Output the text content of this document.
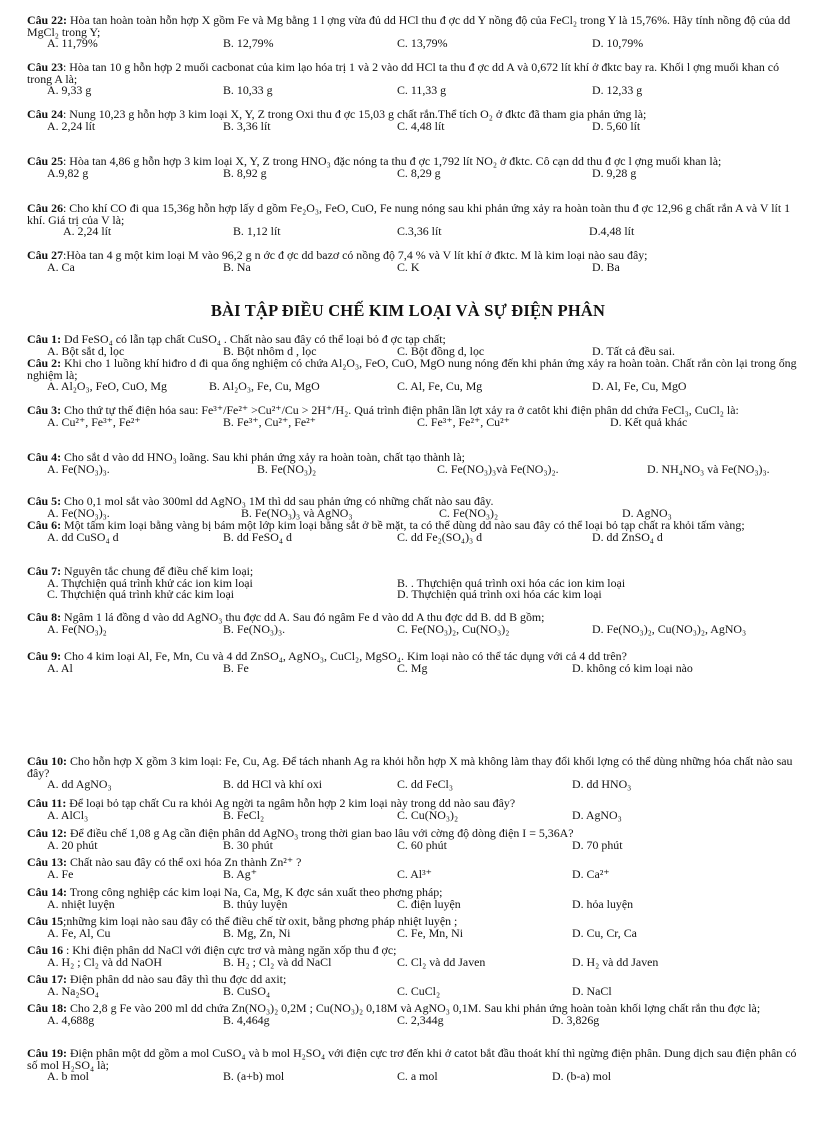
Câu 22: Hòa tan hoàn toàn hỗn hợp X gồm Fe và Mg bằng 1 l ợng vừa đủ dd HCl thu đ ợc dd Y nồng độ của FeCl₂ trong Y là 15,76%. Hãy tính nồng độ của dd MgCl₂ trong Y;

A. 11,79%	B. 12,79%	C. 13,79%	D. 10,79%

Câu 23: Hòa tan 10 g hỗn hợp 2 muối cacbonat của kim lạo hóa trị 1 và 2 vào dd HCl ta thu đ ợc dd A và 0,672 lít khí ở đktc bay ra. Khối l ợng muối khan có trong A là;

A. 9,33 g	B. 10,33 g	C. 11,33 g	D. 12,33 g

Câu 24: Nung 10,23 g hỗn hợp 3 kim loại X, Y, Z trong Oxi thu đ ợc 15,03 g chất rắn.Thể tích O₂ ở đktc đã tham gia phản ứng là;

A. 2,24 lít	B. 3,36 lít	C. 4,48 lít	D. 5,60 lít

Câu 25: Hòa tan 4,86 g hỗn hợp 3 kim loại X, Y, Z trong HNO₃ đặc nóng ta thu đ ợc 1,792 lít NO₂ ở đktc. Cô cạn dd thu đ ợc l ợng muối khan là;

A.9,82 g	B. 8,92 g	C. 8,29 g	D. 9,28 g

Câu 26: Cho khí CO đi qua 15,36g hỗn hợp lấy d gồm Fe₂O₃, FeO, CuO, Fe nung nóng sau khi phản ứng xảy ra hoàn toàn thu đ ợc 12,96 g chất rắn A và V lít 1 khí. Giá trị của V là;

A. 2,24 lít	B. 1,12 lít	C.3,36 lít	D.4,48 lít

Câu 27:Hòa tan 4 g một kim loại M vào 96,2 g n ớc đ ợc dd bazơ có nồng độ 7,4 % và V lít khí ở đktc. M là kim loại nào sau đây;

A. Ca	B. Na	C. K	D. Ba
BÀI TẬP ĐIỀU CHẾ KIM LOẠI VÀ SỰ ĐIỆN PHÂN

Câu 1: Dd FeSO₄ có lẫn tạp chất CuSO₄ . Chất nào sau đây có thể loại bỏ đ ợc tạp chất;

A. Bột sắt d, lọc	B. Bột nhôm d , lọc	C. Bột đồng d, lọc	D. Tất cả đều sai.

Câu 2: Khi cho 1 luồng khí hiđro d đi qua ống nghiệm có chứa Al₂O₃, FeO, CuO, MgO nung nóng đến khi phản ứng xảy ra hoàn toàn. Chất rắn còn lại trong ống nghiệm là;

A. Al₂O₃, FeO, CuO, Mg	B. Al₂O₃, Fe, Cu, MgO	C. Al, Fe, Cu, Mg	D. Al, Fe, Cu, MgO

Câu 3: Cho thứ tự thế điện hóa sau: Fe³⁺/Fe²⁺ >Cu²⁺/Cu > 2H⁺/H₂. Quá trình điện phân lần lợt xảy ra ở catôt khi điện phân dd chứa FeCl₃, CuCl₂ là:

A. Cu²⁺, Fe³⁺, Fe²⁺	B. Fe³⁺, Cu²⁺, Fe²⁺	C. Fe³⁺, Fe²⁺, Cu²⁺	D. Kết quả khác

Câu 4: Cho sắt d vào dd HNO₃ loãng. Sau khi phản ứng xảy ra hoàn toàn, chất tạo thành là;

A. Fe(NO₃)₃.	B. Fe(NO₃)₂	C. Fe(NO₃)₃và Fe(NO₃)₂.	D. NH₄NO₃ và Fe(NO₃)₃.

Câu 5: Cho 0,1 mol sắt vào 300ml dd AgNO₃ 1M thì dd sau phản ứng có những chất nào sau đây.

A. Fe(NO₃)₃.	B. Fe(NO₃)₃ và AgNO₃	C. Fe(NO₃)₂	D. AgNO₃

Câu 6: Một tấm kim loại bằng vàng bị bám một lớp kim loại bằng sắt ở bề mặt, ta có thể dùng dd nào sau đây có thể loại bỏ tạp chất ra khỏi tấm vàng;

A. dd CuSO₄ d	B. dd FeSO₄ d	C. dd Fe₂(SO₄)₃ d	D. dd ZnSO₄ d

Câu 7: Nguyên tắc chung để điều chế kim loại;

A. Thựchiện quá trình khử các ion kim loại	B. . Thựchiện quá trình oxi hóa các ion kim loại
C. Thựchiện quá trình khử các kim loại	D. Thựchiện quá trình oxi hóa các kim loại

Câu 8: Ngâm 1 lá đồng d vào dd AgNO₃ thu đợc dd A. Sau đó ngâm Fe d vào dd A thu đợc dd B. dd B gồm;

A. Fe(NO₃)₂	B. Fe(NO₃)₃.	C. Fe(NO₃)₂, Cu(NO₃)₂	D. Fe(NO₃)₂, Cu(NO₃)₂, AgNO₃

Câu 9: Cho 4 kim loại Al, Fe, Mn, Cu và 4 dd ZnSO₄, AgNO₃, CuCl₂, MgSO₄. Kim loại nào có thể tác dụng với cả 4 dd trên?

A. Al	B. Fe	C. Mg	D. không có kim loại nào

Câu 10: Cho hỗn hợp X gồm 3 kim loại: Fe, Cu, Ag. Để tách nhanh Ag ra khỏi hỗn hợp X mà không làm thay đổi khối lợng có thể dùng những hóa chất nào sau đây?

A. dd AgNO₃	B. dd HCl và khí oxi	C. dd FeCl₃	D. dd HNO₃

Câu 11: Để loại bỏ tạp chất Cu ra khỏi Ag ngời ta ngâm hỗn hợp 2 kim loại này trong dd nào sau đây?

A. AlCl₃	B. FeCl₂	C. Cu(NO₃)₂	D. AgNO₃

Câu 12: Để điều chế 1,08 g Ag cần điện phân dd AgNO₃ trong thời gian bao lâu với cờng độ dòng điện I = 5,36A?

A. 20 phút	B. 30 phút	C. 60 phút	D. 70 phút

Câu 13: Chất nào sau đây có thể oxi hóa Zn thành Zn²⁺ ?

A. Fe	B. Ag⁺	C. Al³⁺	D. Ca²⁺

Câu 14: Trong công nghiệp các kim loại Na, Ca, Mg, K đợc sản xuất theo phơng pháp;

A. nhiệt luyện	B. thủy luyện	C. điện luyện	D. hỏa luyện

Câu 15;những kim loại nào sau đây có thể điều chế từ oxit, bằng phơng pháp nhiệt luyện ;

A. Fe, Al, Cu	B. Mg, Zn, Ni	C. Fe, Mn, Ni	D. Cu, Cr, Ca

Câu 16 : Khi điện phân dd NaCl với điện cực trơ và màng ngăn xốp thu đ ợc;

A. H₂ ; Cl₂ và dd NaOH	B. H₂ ; Cl₂ và dd NaCl	C. Cl₂ và dd Javen	D. H₂ và dd Javen

Câu 17: Điện phân dd nào sau đây thì thu đợc dd axit;

A. Na₂SO₄	B. CuSO₄	C. CuCl₂	D. NaCl

Câu 18: Cho 2,8 g Fe vào 200 ml dd chứa Zn(NO₃)₂ 0,2M ; Cu(NO₃)₂ 0,18M và AgNO₃ 0,1M. Sau khi phản ứng hoàn toàn khối lợng chất rắn thu đợc là;

A. 4,688g	B. 4,464g	C. 2,344g	D. 3,826g

Câu 19: Điện phân một dd gồm a mol CuSO₄ và b mol H₂SO₄ với điện cực trơ đến khi ở catot bắt đầu thoát khí thì ngừng điện phân. Dung dịch sau điện phân có số mol H₂SO₄ là;

A. b mol	B. (a+b) mol	C. a mol	D. (b-a) mol
